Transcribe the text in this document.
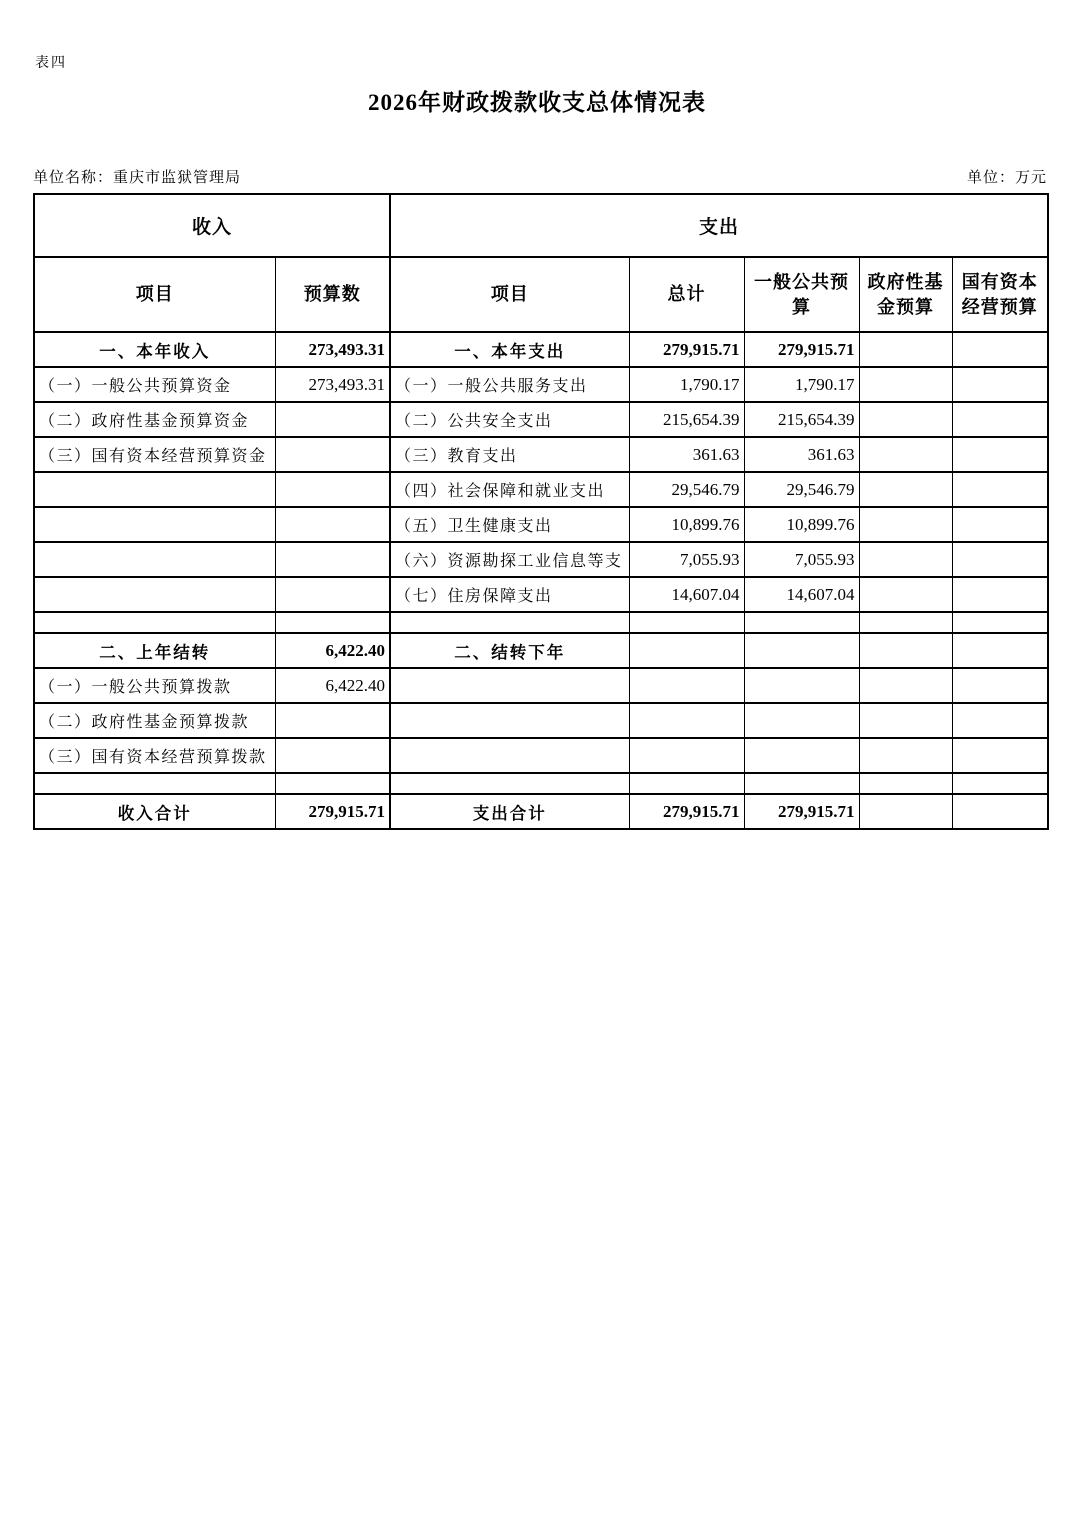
表四
2026年财政拨款收支总体情况表
单位名称：重庆市监狱管理局	单位：万元
收入		支出				
项目	预算数	项目	总计	一般公共预算	政府性基金预算	国有资本经营预算
一、本年收入	273,493.31	一、本年支出	279,915.71	279,915.71		
（一）一般公共预算资金	273,493.31	（一）一般公共服务支出	1,790.17	1,790.17		
（二）政府性基金预算资金		（二）公共安全支出	215,654.39	215,654.39		
（三）国有资本经营预算资金		（三）教育支出	361.63	361.63		
		（四）社会保障和就业支出	29,546.79	29,546.79		
		（五）卫生健康支出	10,899.76	10,899.76		
		（六）资源勘探工业信息等支	7,055.93	7,055.93		
		（七）住房保障支出	14,607.04	14,607.04		

二、上年结转	6,422.40	二、结转下年				
（一）一般公共预算拨款	6,422.40					
（二）政府性基金预算拨款						
（三）国有资本经营预算拨款						

收入合计	279,915.71	支出合计	279,915.71	279,915.71		
